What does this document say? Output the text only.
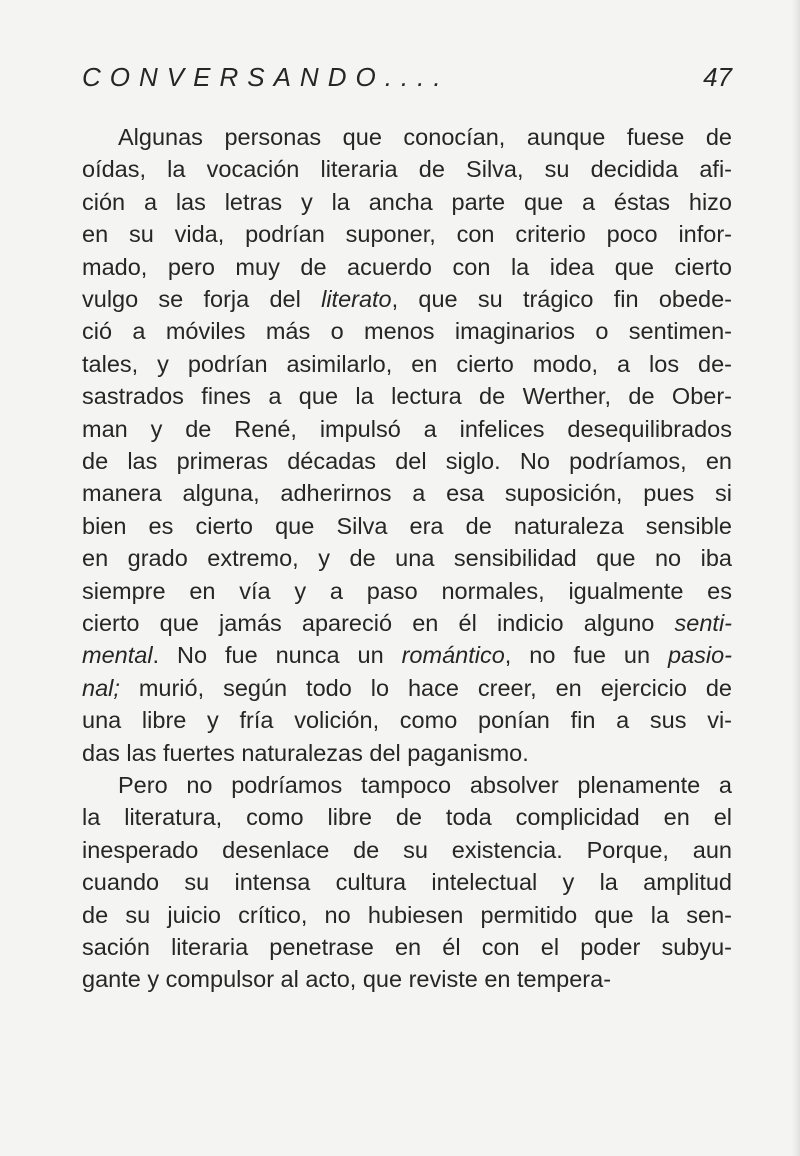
CONVERSANDO....	47
Algunas personas que conocían, aunque fuese de
oídas, la vocación literaria de Silva, su decidida afi-
ción a las letras y la ancha parte que a éstas hizo
en su vida, podrían suponer, con criterio poco infor-
mado, pero muy de acuerdo con la idea que cierto
vulgo se forja del literato, que su trágico fin obede-
ció a móviles más o menos imaginarios o sentimen-
tales, y podrían asimilarlo, en cierto modo, a los de-
sastrados fines a que la lectura de Werther, de Ober-
man y de René, impulsó a infelices desequilibrados
de las primeras décadas del siglo. No podríamos, en
manera alguna, adherirnos a esa suposición, pues si
bien es cierto que Silva era de naturaleza sensible
en grado extremo, y de una sensibilidad que no iba
siempre en vía y a paso normales, igualmente es
cierto que jamás apareció en él indicio alguno senti-
mental. No fue nunca un romántico, no fue un pasio-
nal; murió, según todo lo hace creer, en ejercicio de
una libre y fría volición, como ponían fin a sus vi-
das las fuertes naturalezas del paganismo.
Pero no podríamos tampoco absolver plenamente a
la literatura, como libre de toda complicidad en el
inesperado desenlace de su existencia. Porque, aun
cuando su intensa cultura intelectual y la amplitud
de su juicio crítico, no hubiesen permitido que la sen-
sación literaria penetrase en él con el poder subyu-
gante y compulsor al acto, que reviste en tempera-
